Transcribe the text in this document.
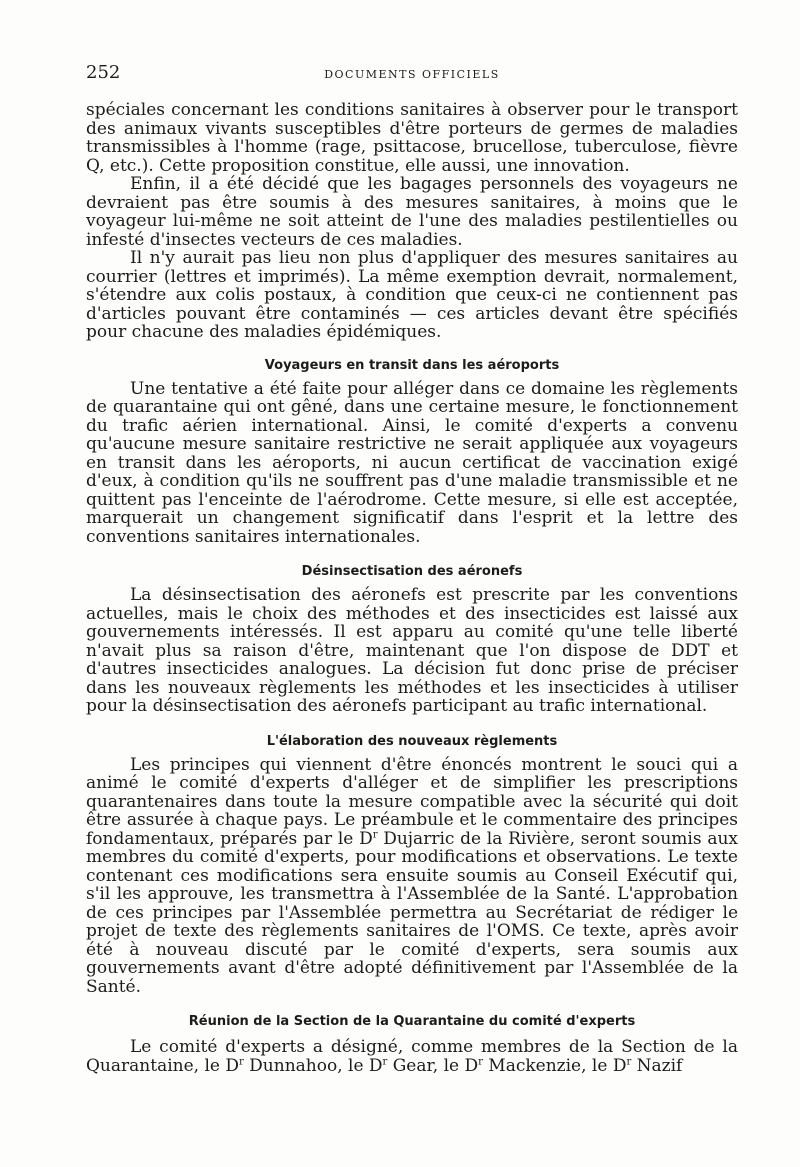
252	DOCUMENTS OFFICIELS

spéciales concernant les conditions sanitaires à observer pour le transport des animaux vivants susceptibles d'être porteurs de germes de maladies transmissibles à l'homme (rage, psittacose, brucellose, tuberculose, fièvre Q, etc.). Cette proposition constitue, elle aussi, une innovation.

Enfin, il a été décidé que les bagages personnels des voyageurs ne devraient pas être soumis à des mesures sanitaires, à moins que le voyageur lui-même ne soit atteint de l'une des maladies pestilentielles ou infesté d'insectes vecteurs de ces maladies.

Il n'y aurait pas lieu non plus d'appliquer des mesures sanitaires au courrier (lettres et imprimés). La même exemption devrait, normalement, s'étendre aux colis postaux, à condition que ceux-ci ne contiennent pas d'articles pouvant être contaminés — ces articles devant être spécifiés pour chacune des maladies épidémiques.

Voyageurs en transit dans les aéroports

Une tentative a été faite pour alléger dans ce domaine les règlements de quarantaine qui ont gêné, dans une certaine mesure, le fonctionnement du trafic aérien international. Ainsi, le comité d'experts a convenu qu'aucune mesure sanitaire restrictive ne serait appliquée aux voyageurs en transit dans les aéroports, ni aucun certificat de vaccination exigé d'eux, à condition qu'ils ne souffrent pas d'une maladie transmissible et ne quittent pas l'enceinte de l'aérodrome. Cette mesure, si elle est acceptée, marquerait un changement significatif dans l'esprit et la lettre des conventions sanitaires internationales.

Désinsectisation des aéronefs

La désinsectisation des aéronefs est prescrite par les conventions actuelles, mais le choix des méthodes et des insecticides est laissé aux gouvernements intéressés. Il est apparu au comité qu'une telle liberté n'avait plus sa raison d'être, maintenant que l'on dispose de DDT et d'autres insecticides analogues. La décision fut donc prise de préciser dans les nouveaux règlements les méthodes et les insecticides à utiliser pour la désinsectisation des aéronefs participant au trafic international.

L'élaboration des nouveaux règlements

Les principes qui viennent d'être énoncés montrent le souci qui a animé le comité d'experts d'alléger et de simplifier les prescriptions quarantenaires dans toute la mesure compatible avec la sécurité qui doit être assurée à chaque pays. Le préambule et le commentaire des principes fondamentaux, préparés par le $D^r$ Dujarric de la Rivière, seront soumis aux membres du comité d'experts, pour modifications et observations. Le texte contenant ces modifications sera ensuite soumis au Conseil Exécutif qui, s'il les approuve, les transmettra à l'Assemblée de la Santé. L'approbation de ces principes par l'Assemblée permettra au Secrétariat de rédiger le projet de texte des règlements sanitaires de l'OMS. Ce texte, après avoir été à nouveau discuté par le comité d'experts, sera soumis aux gouvernements avant d'être adopté définitivement par l'Assemblée de la Santé.

Réunion de la Section de la Quarantaine du comité d'experts

Le comité d'experts a désigné, comme membres de la Section de la Quarantaine, le $D^r$ Dunnahoo, le $D^r$ Gear, le $D^r$ Mackenzie, le $D^r$ Nazif
